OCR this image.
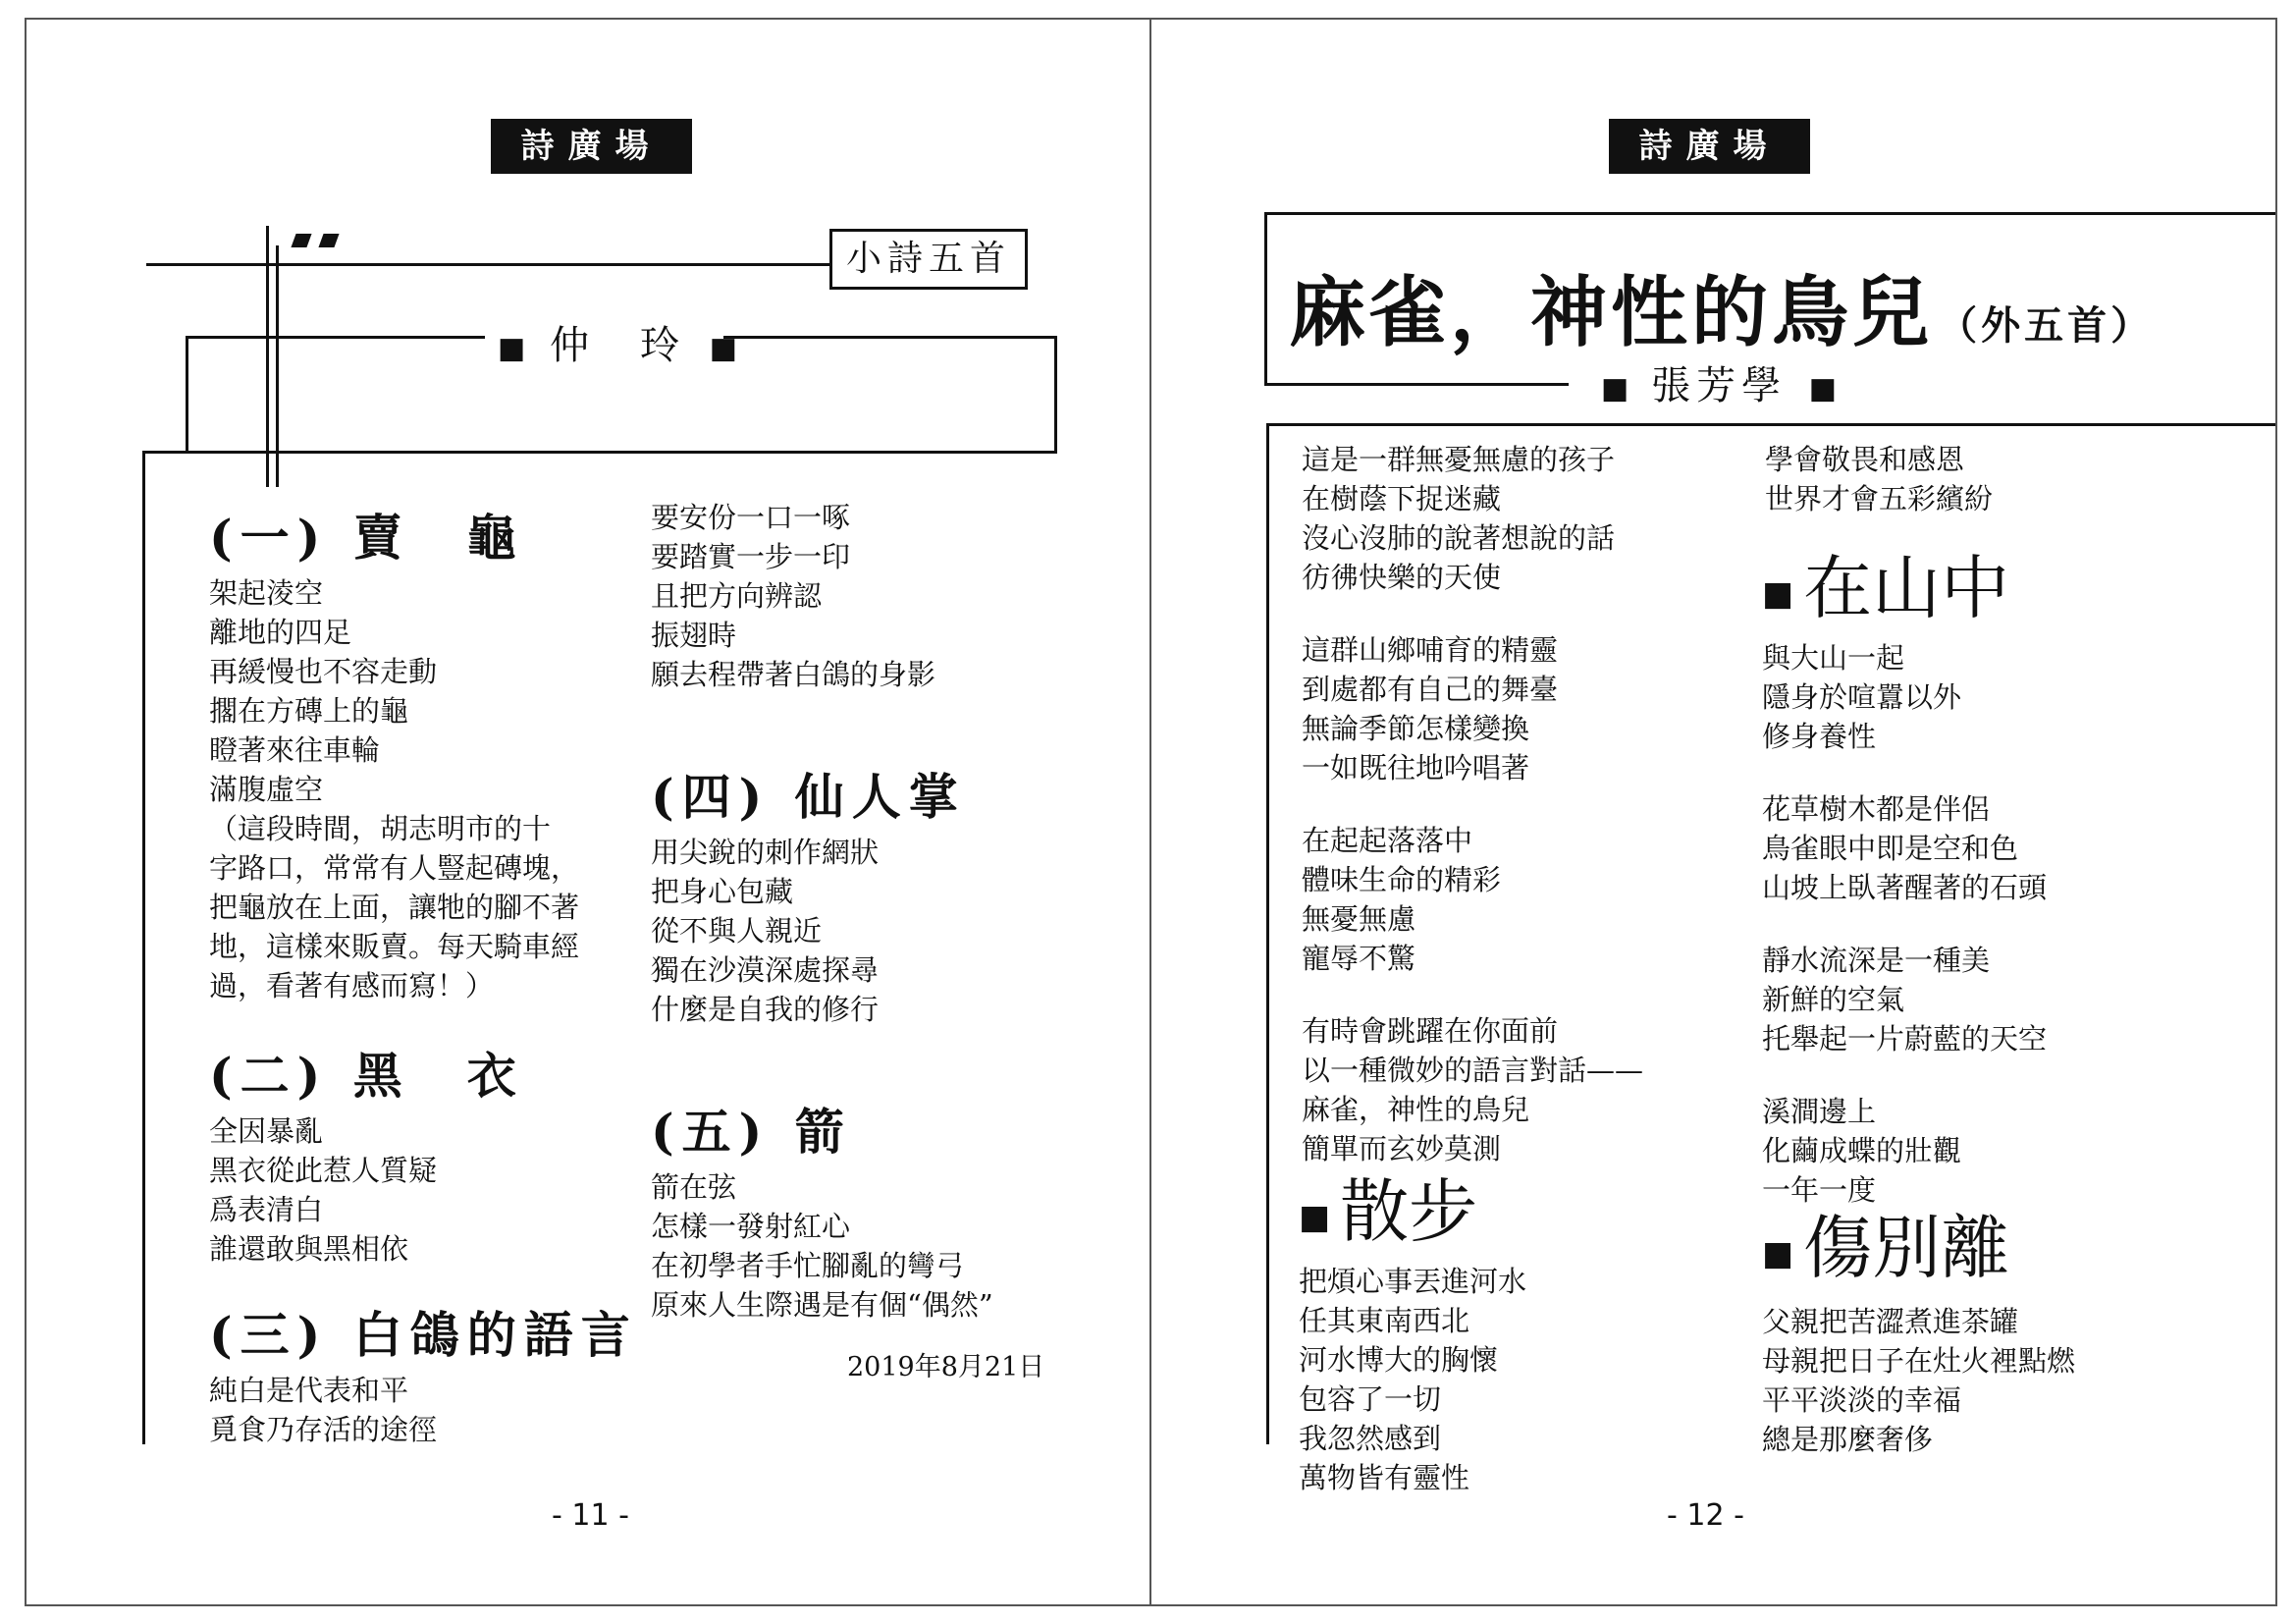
詩廣場
小詩五首
■ 仲　玲 ■
(一) 賣　龜
架起淩空
離地的四足
再緩慢也不容走動
擱在方磚上的龜
瞪著來往車輪
滿腹虛空
（這段時間，胡志明市的十
字路口，常常有人豎起磚塊，
把龜放在上面，讓牠的腳不著
地，這樣來販賣。每天騎車經
過，看著有感而寫！）
(二) 黑　衣
全因暴亂
黑衣從此惹人質疑
爲表清白
誰還敢與黑相依
(三) 白鴿的語言
純白是代表和平
覓食乃存活的途徑
要安份一口一啄
要踏實一步一印
且把方向辨認
振翅時
願去程帶著白鴿的身影
(四) 仙人掌
用尖銳的刺作網狀
把身心包藏
從不與人親近
獨在沙漠深處探尋
什麼是自我的修行
(五) 箭
箭在弦
怎樣一發射紅心
在初學者手忙腳亂的彎弓
原來人生際遇是有個“偶然”
2019年8月21日
- 11 -
詩廣場
麻雀，神性的鳥兒 （外五首）
■ 張芳學 ■
這是一群無憂無慮的孩子
在樹蔭下捉迷藏
沒心沒肺的說著想說的話
彷彿快樂的天使
這群山鄉哺育的精靈
到處都有自己的舞臺
無論季節怎樣變換
一如既往地吟唱著
在起起落落中
體味生命的精彩
無憂無慮
寵辱不驚
有時會跳躍在你面前
以一種微妙的語言對話——
麻雀，神性的鳥兒
簡單而玄妙莫測
■ 散步
把煩心事丟進河水
任其東南西北
河水博大的胸懷
包容了一切
我忽然感到
萬物皆有靈性
學會敬畏和感恩
世界才會五彩繽紛
■ 在山中
與大山一起
隱身於喧囂以外
修身養性
花草樹木都是伴侶
鳥雀眼中即是空和色
山坡上臥著醒著的石頭
靜水流深是一種美
新鮮的空氣
托舉起一片蔚藍的天空
溪澗邊上
化繭成蝶的壯觀
一年一度
■ 傷別離
父親把苦澀煮進茶罐
母親把日子在灶火裡點燃
平平淡淡的幸福
總是那麼奢侈
- 12 -
